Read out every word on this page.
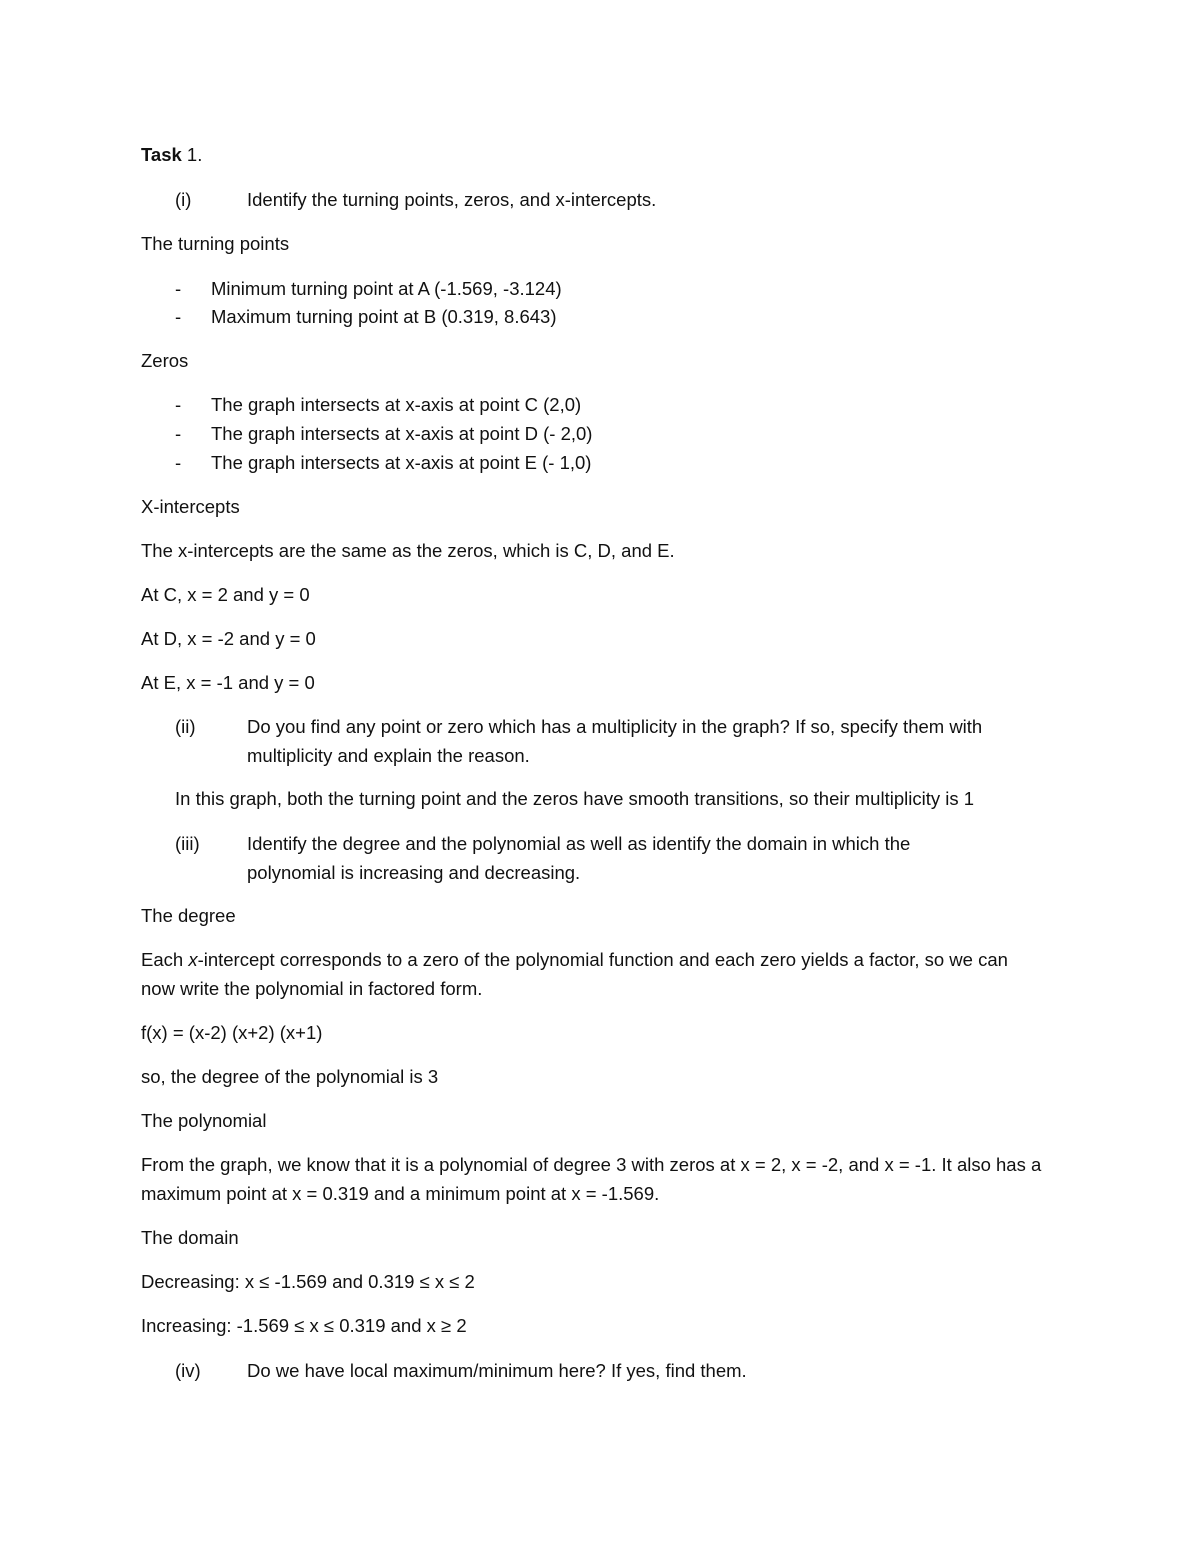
Task 1.
(i)	Identify the turning points, zeros, and x-intercepts.
The turning points
- Minimum turning point at A (-1.569, -3.124)
- Maximum turning point at B (0.319, 8.643)
Zeros
- The graph intersects at x-axis at point C (2,0)
- The graph intersects at x-axis at point D (- 2,0)
- The graph intersects at x-axis at point E (- 1,0)
X-intercepts
The x-intercepts are the same as the zeros, which is C, D, and E.
At C, x = 2 and y = 0
At D, x = -2 and y = 0
At E, x = -1 and y = 0
(ii)	Do you find any point or zero which has a multiplicity in the graph? If so, specify them with multiplicity and explain the reason.
In this graph, both the turning point and the zeros have smooth transitions, so their multiplicity is 1
(iii)	Identify the degree and the polynomial as well as identify the domain in which the polynomial is increasing and decreasing.
The degree
Each x-intercept corresponds to a zero of the polynomial function and each zero yields a factor, so we can now write the polynomial in factored form.
f(x) = (x-2) (x+2) (x+1)
so, the degree of the polynomial is 3
The polynomial
From the graph, we know that it is a polynomial of degree 3 with zeros at x = 2, x = -2, and x = -1. It also has a maximum point at x = 0.319 and a minimum point at x = -1.569.
The domain
Decreasing: x ≤ -1.569 and 0.319 ≤ x ≤ 2
Increasing: -1.569 ≤ x ≤ 0.319 and x ≥ 2
(iv)	Do we have local maximum/minimum here? If yes, find them.
